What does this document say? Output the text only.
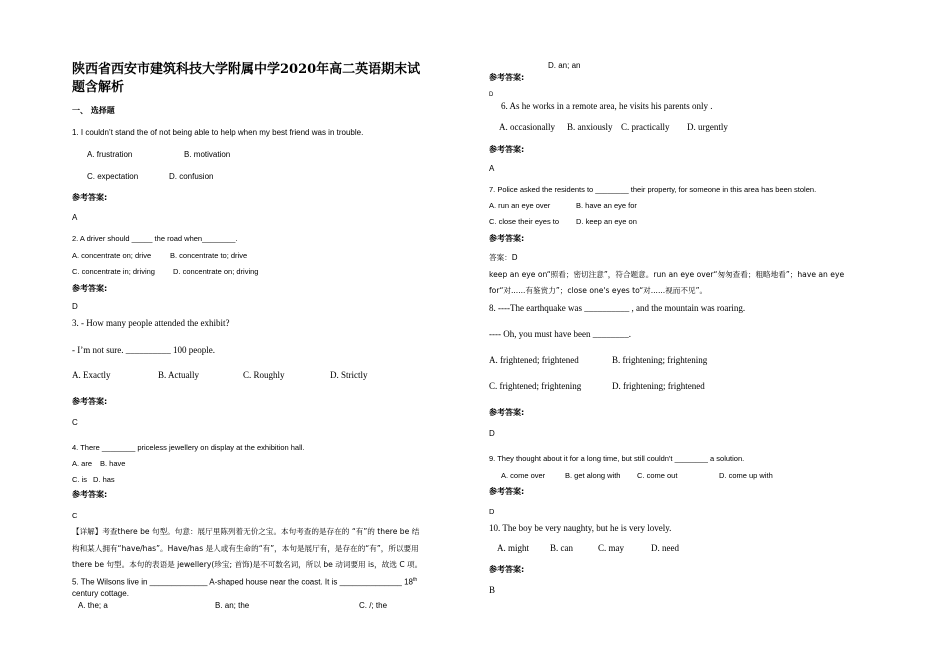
陕西省西安市建筑科技大学附属中学2020年高二英语期末试
题含解析
一、 选择题
1. I couldn’t stand the of not being able to help when my best friend was in trouble.
A. frustration	B. motivation
C. expectation	D. confusion
参考答案:
A
2. A driver should _____ the road when________.
A. concentrate on; drive	B. concentrate to; drive
C. concentrate in; driving D. concentrate on; driving
参考答案:
D
3. - How many people attended the exhibit?
- I’m not sure. __________ 100 people.
A. Exactly	B. Actually	C. Roughly	D. Strictly
参考答案:
C
4. There ________ priceless jewellery on display at the exhibition hall.
A. are B. have
C. is D. has
参考答案:
C
【详解】考查there be 句型。句意：展厅里陈列着无价之宝。本句考查的是存在的 “有”的 there be 结
构和某人拥有“have/has”。Have/has 是人或有生命的“有”，本句是展厅有，是存在的“有”，所以要用
there be 句型。本句的表语是 jewellery(珍宝; 首饰)是不可数名词，所以 be 动词要用 is，故选 C 项。
5. The Wilsons live in _____________ A-shaped house near the coast. It is ______________ 18th
century cottage.
A. the; a	B. an; the	C. /; the
D. an; an
参考答案:
D
6. As he works in a remote area, he visits his parents only .
A. occasionally B. anxiously C. practically D. urgently
参考答案:
A
7. Police asked the residents to ________ their property, for someone in this area has been stolen.
A. run an eye over	B. have an eye for
C. close their eyes to D. keep an eye on
参考答案:
答案：D
keep an eye on“照看；密切注意”，符合题意。run an eye over“匆匆查看；粗略地看”；have an eye
for“对......有鉴赏力”；close one's eyes to“对......视而不见”。
8. ----The earthquake was __________ , and the mountain was roaring.
---- Oh, you must have been ________.
A. frightened; frightened	B. frightening; frightening
C. frightened; frightening	D. frightening; frightened
参考答案:
D
9. They thought about it for a long time, but still couldn't ________ a solution.
A. come over	B. get along with C. come out	D. come up with
参考答案:
D
10. The boy be very naughty, but he is very lovely.
A. might B. can	C. may	D. need
参考答案:
B
